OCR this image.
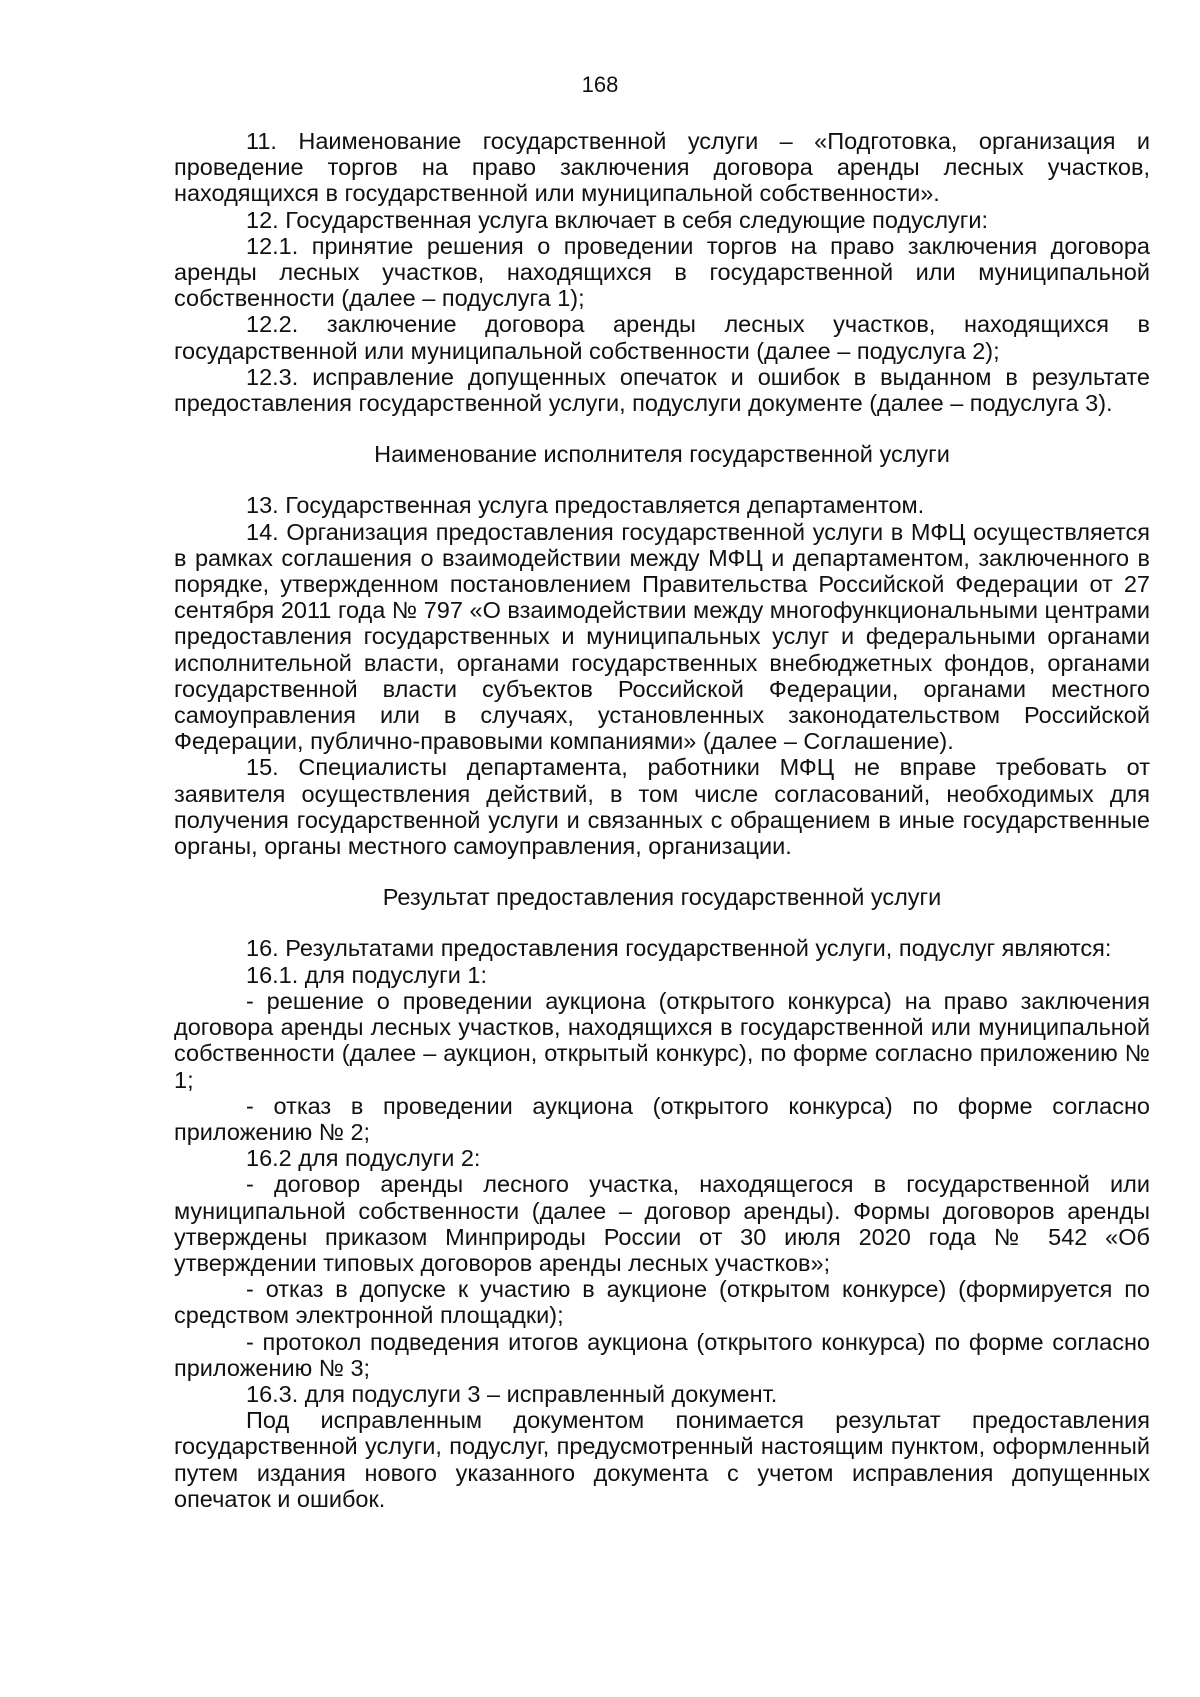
168

11. Наименование государственной услуги – «Подготовка, организация и проведение торгов на право заключения договора аренды лесных участков, находящихся в государственной или муниципальной собственности».

12. Государственная услуга включает в себя следующие подуслуги:

12.1. принятие решения о проведении торгов на право заключения договора аренды лесных участков, находящихся в государственной или муниципальной собственности (далее – подуслуга 1);

12.2. заключение договора аренды лесных участков, находящихся в государственной или муниципальной собственности (далее – подуслуга 2);

12.3. исправление допущенных опечаток и ошибок в выданном в результате предоставления государственной услуги, подуслуги документе (далее – подуслуга 3).

Наименование исполнителя государственной услуги

13. Государственная услуга предоставляется департаментом.

14. Организация предоставления государственной услуги в МФЦ осуществляется в рамках соглашения о взаимодействии между МФЦ и департаментом, заключенного в порядке, утвержденном постановлением Правительства Российской Федерации от 27 сентября 2011 года № 797 «О взаимодействии между многофункциональными центрами предоставления государственных и муниципальных услуг и федеральными органами исполнительной власти, органами государственных внебюджетных фондов, органами государственной власти субъектов Российской Федерации, органами местного самоуправления или в случаях, установленных законодательством Российской Федерации, публично-правовыми компаниями» (далее – Соглашение).

15. Специалисты департамента, работники МФЦ не вправе требовать от заявителя осуществления действий, в том числе согласований, необходимых для получения государственной услуги и связанных с обращением в иные государственные органы, органы местного самоуправления, организации.

Результат предоставления государственной услуги

16. Результатами предоставления государственной услуги, подуслуг являются:

16.1. для подуслуги 1:

- решение о проведении аукциона (открытого конкурса) на право заключения договора аренды лесных участков, находящихся в государственной или муниципальной собственности (далее – аукцион, открытый конкурс), по форме согласно приложению № 1;

- отказ в проведении аукциона (открытого конкурса) по форме согласно приложению № 2;

16.2 для подуслуги 2:

- договор аренды лесного участка, находящегося в государственной или муниципальной собственности (далее – договор аренды). Формы договоров аренды утверждены приказом Минприроды России от 30 июля 2020 года № 542 «Об утверждении типовых договоров аренды лесных участков»;

- отказ в допуске к участию в аукционе (открытом конкурсе) (формируется по средством электронной площадки);

- протокол подведения итогов аукциона (открытого конкурса) по форме согласно приложению № 3;

16.3. для подуслуги 3 – исправленный документ.

Под исправленным документом понимается результат предоставления государственной услуги, подуслуг, предусмотренный настоящим пунктом, оформленный путем издания нового указанного документа с учетом исправления допущенных опечаток и ошибок.
